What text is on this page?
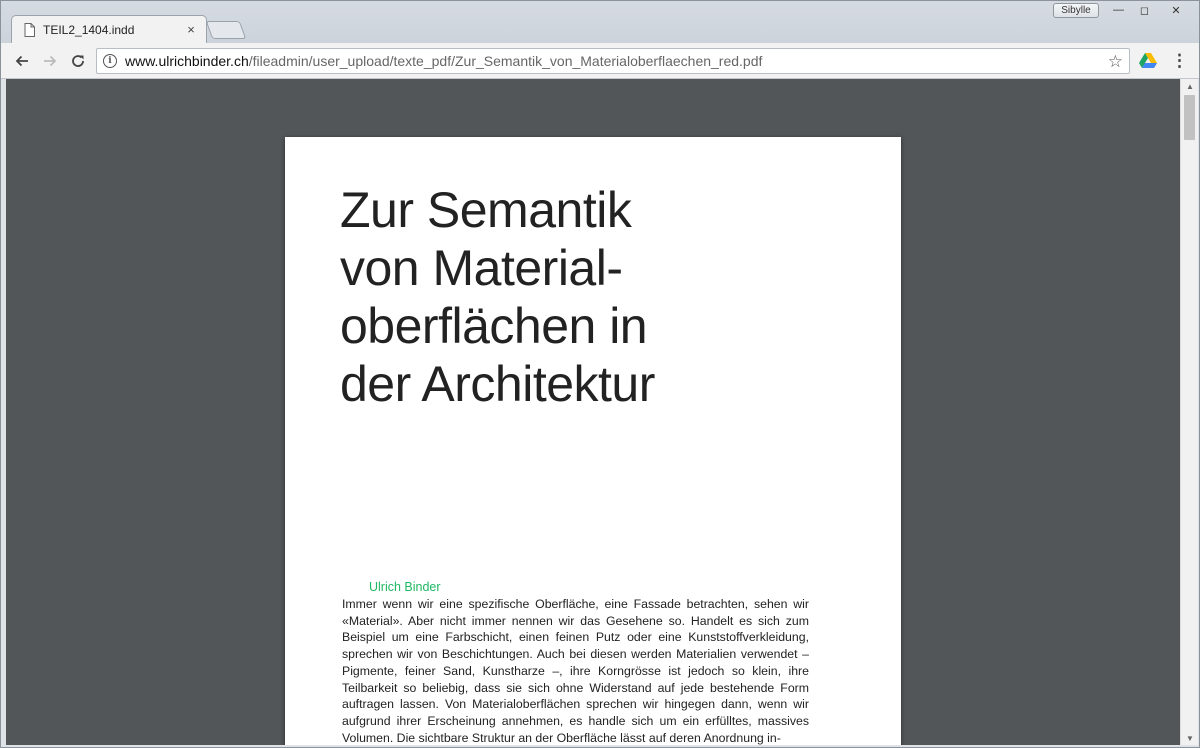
TEIL2_1404.indd	×
Sibylle	—	◻	✕
i www.ulrichbinder.ch/fileadmin/user_upload/texte_pdf/Zur_Semantik_von_Materialoberflaechen_red.pdf	☆	⋮
Zur Semantik
von Material-
oberflächen in
der Architektur
Ulrich Binder

Immer wenn wir eine spezifische Oberfläche, eine Fassade betrachten, sehen wir «Material». Aber nicht immer nennen wir das Gesehene so. Handelt es sich zum Beispiel um eine Farbschicht, einen feinen Putz oder eine Kunststoffverkleidung, sprechen wir von Beschichtungen. Auch bei diesen werden Materialien verwendet – Pigmente, feiner Sand, Kunstharze –, ihre Korngrösse ist jedoch so klein, ihre Teilbarkeit so beliebig, dass sie sich ohne Widerstand auf jede bestehende Form auftragen lassen. Von Materialoberflächen sprechen wir hingegen dann, wenn wir aufgrund ihrer Erscheinung annehmen, es handle sich um ein erfülltes, massives Volumen. Die sichtbare Struktur an der Oberfläche lässt auf deren Anordnung in-

▲
▼
